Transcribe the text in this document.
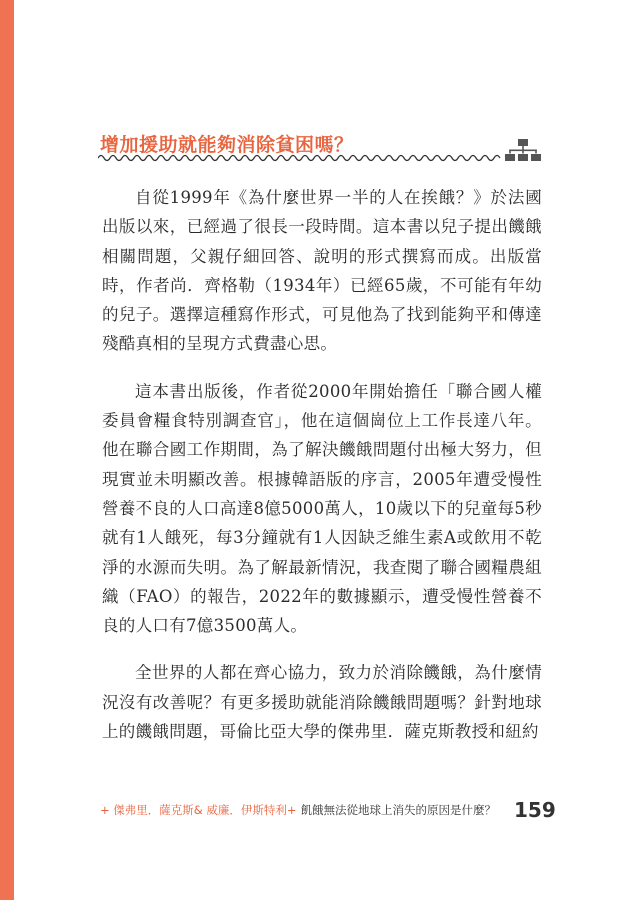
增加援助就能夠消除貧困嗎？

自從1999年《為什麼世界一半的人在挨餓？》於法國出版以來，已經過了很長一段時間。這本書以兒子提出饑餓相關問題，父親仔細回答、說明的形式撰寫而成。出版當時，作者尚．齊格勒（1934年）已經65歲，不可能有年幼的兒子。選擇這種寫作形式，可見他為了找到能夠平和傳達殘酷真相的呈現方式費盡心思。

這本書出版後，作者從2000年開始擔任「聯合國人權委員會糧食特別調查官」，他在這個崗位上工作長達八年。他在聯合國工作期間，為了解決饑餓問題付出極大努力，但現實並未明顯改善。根據韓語版的序言，2005年遭受慢性營養不良的人口高達8億5000萬人，10歲以下的兒童每5秒就有1人餓死，每3分鐘就有1人因缺乏維生素A或飲用不乾淨的水源而失明。為了解最新情況，我查閱了聯合國糧農組織（FAO）的報告，2022年的數據顯示，遭受慢性營養不良的人口有7億3500萬人。

全世界的人都在齊心協力，致力於消除饑餓，為什麼情況沒有改善呢？有更多援助就能消除饑餓問題嗎？針對地球上的饑餓問題，哥倫比亞大學的傑弗里．薩克斯教授和紐約

+ 傑弗里．薩克斯& 威廉．伊斯特利+ 飢餓無法從地球上消失的原因是什麼？ 159
